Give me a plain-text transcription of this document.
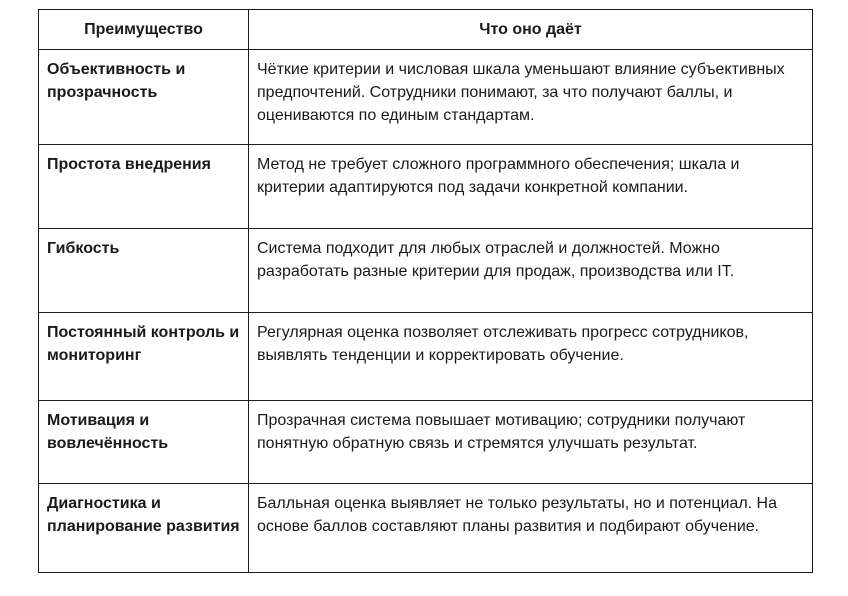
Преимущество	Что оно даёт
Объективность и прозрачность	Чёткие критерии и числовая шкала уменьшают влияние субъективных предпочтений. Сотрудники понимают, за что получают баллы, и оцениваются по единым стандартам.
Простота внедрения	Метод не требует сложного программного обеспечения; шкала и критерии адаптируются под задачи конкретной компании.
Гибкость	Система подходит для любых отраслей и должностей. Можно разработать разные критерии для продаж, производства или IT.
Постоянный контроль и мониторинг	Регулярная оценка позволяет отслеживать прогресс сотрудников, выявлять тенденции и корректировать обучение.
Мотивация и вовлечённость	Прозрачная система повышает мотивацию; сотрудники получают понятную обратную связь и стремятся улучшать результат.
Диагностика и планирование развития	Балльная оценка выявляет не только результаты, но и потенциал. На основе баллов составляют планы развития и подбирают обучение.
